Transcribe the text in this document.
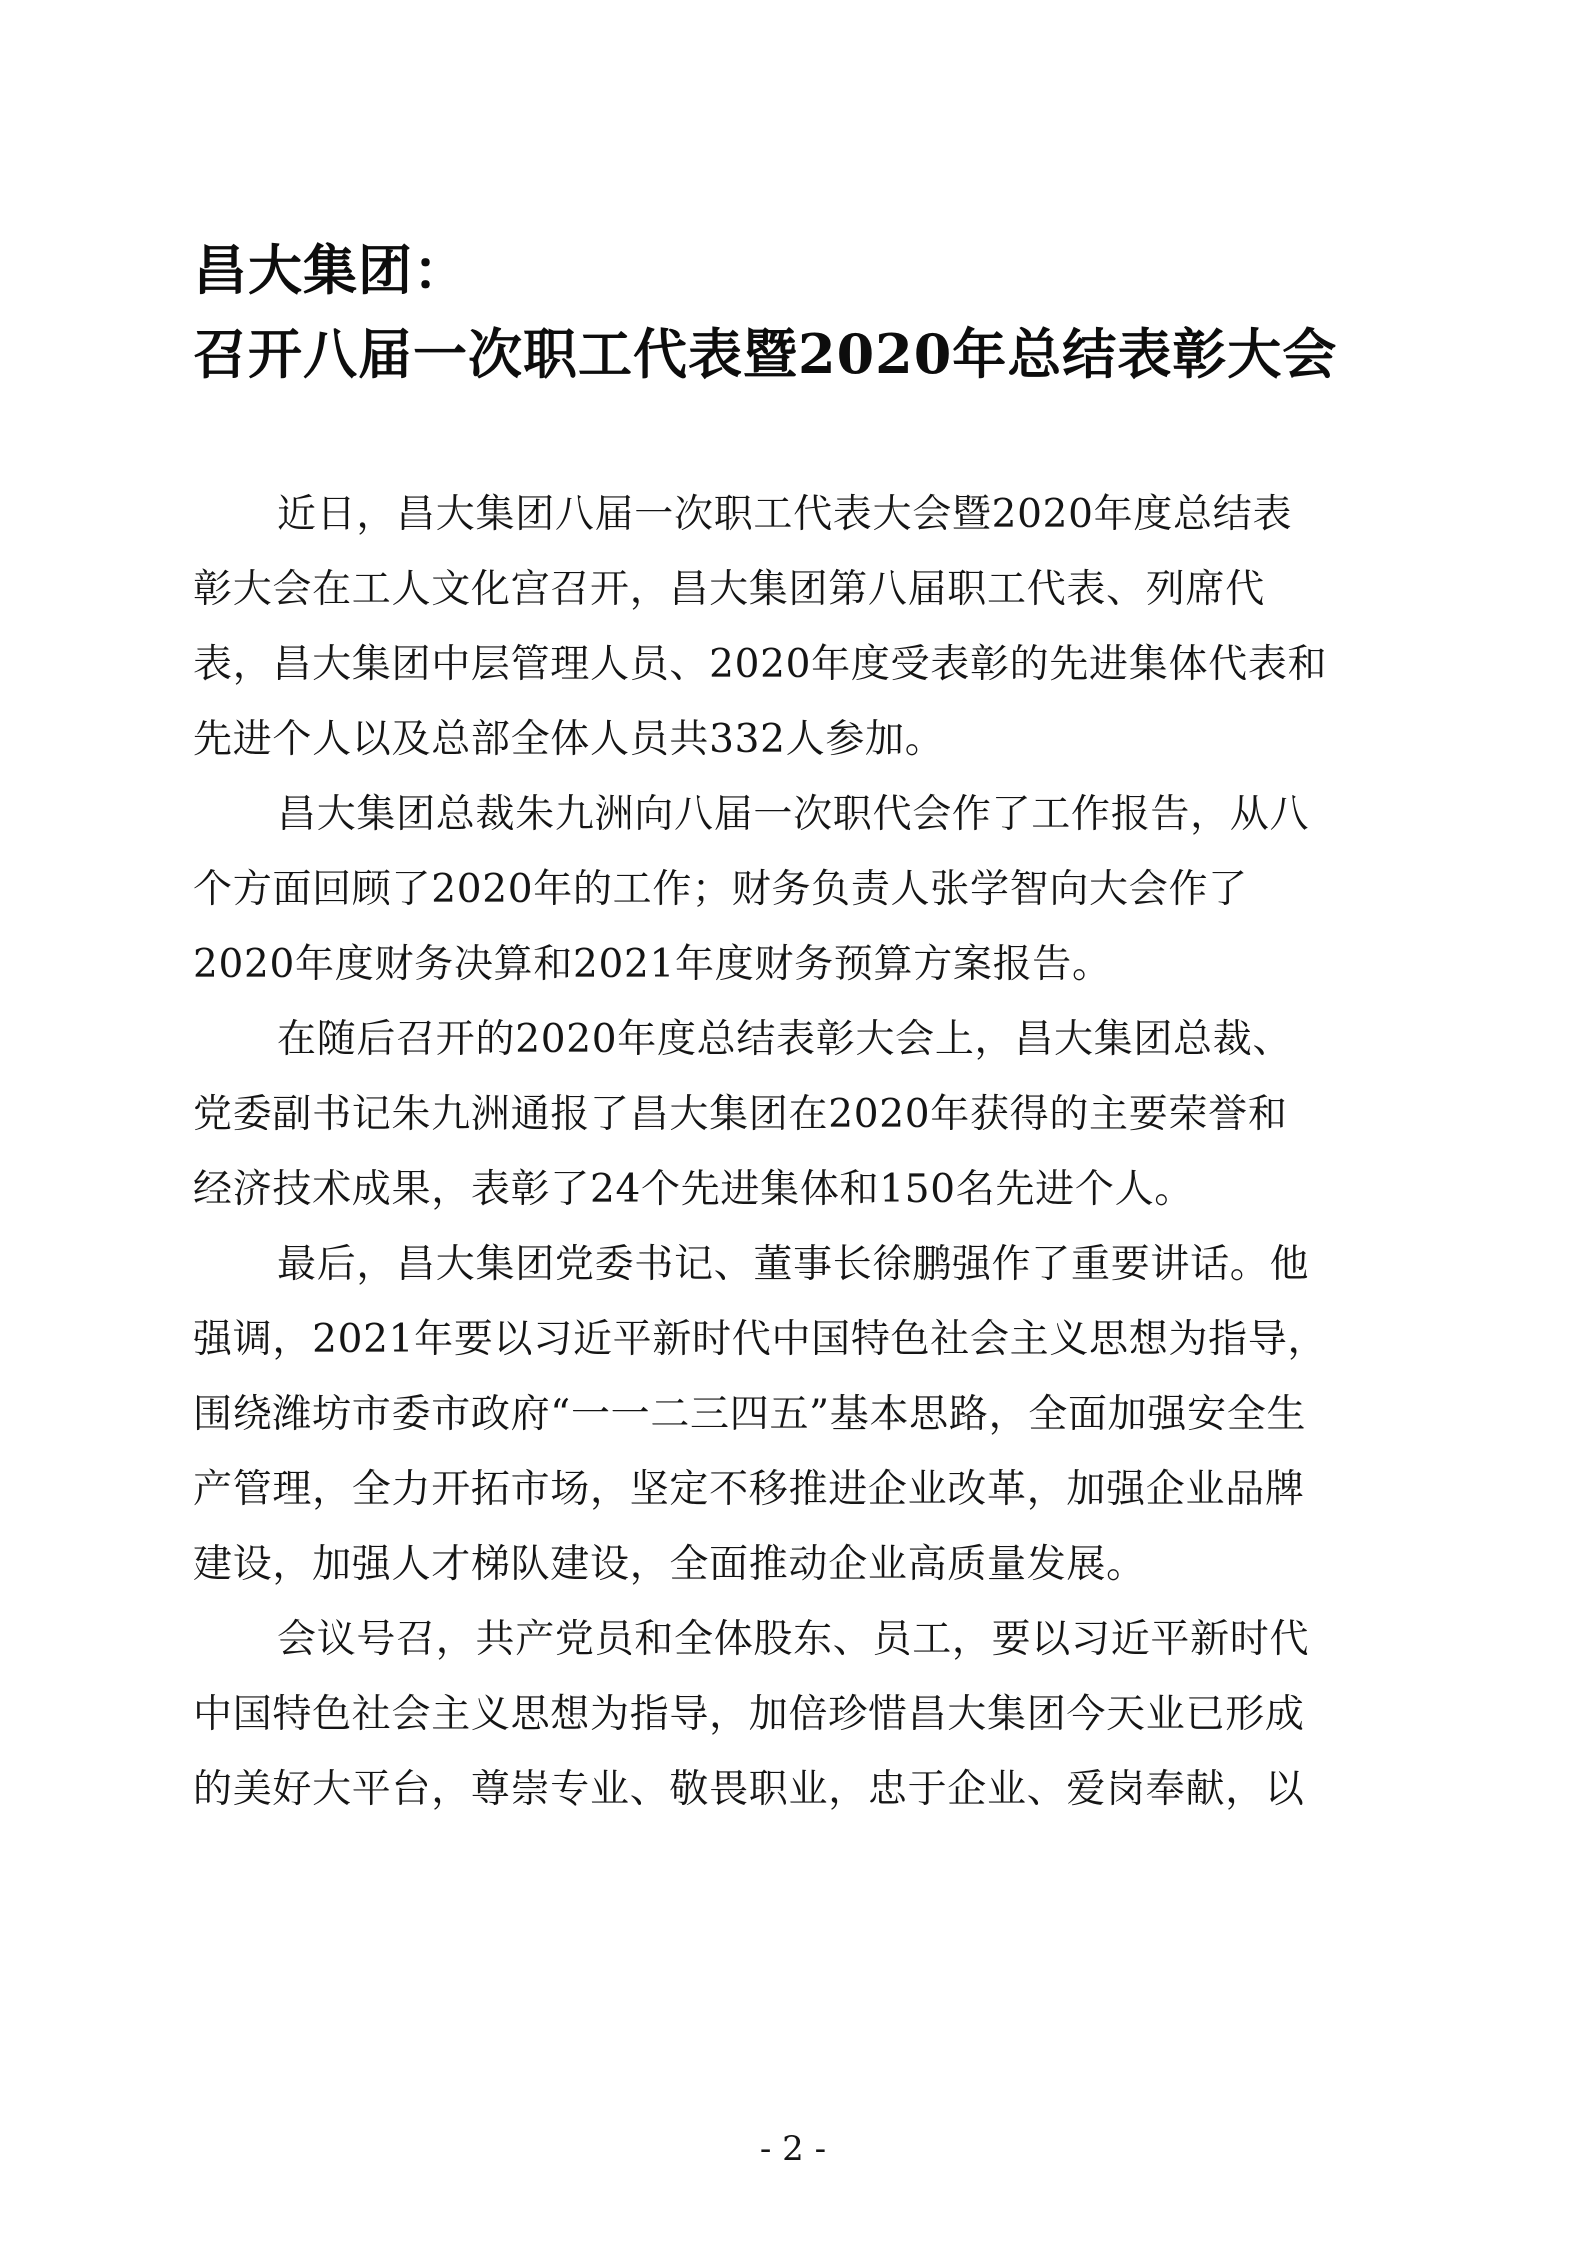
昌大集团：
召开八届一次职工代表暨2020年总结表彰大会
近日，昌大集团八届一次职工代表大会暨2020年度总结表
彰大会在工人文化宫召开，昌大集团第八届职工代表、列席代
表，昌大集团中层管理人员、2020年度受表彰的先进集体代表和
先进个人以及总部全体人员共332人参加。
昌大集团总裁朱九洲向八届一次职代会作了工作报告，从八
个方面回顾了2020年的工作；财务负责人张学智向大会作了
2020年度财务决算和2021年度财务预算方案报告。
在随后召开的2020年度总结表彰大会上，昌大集团总裁、
党委副书记朱九洲通报了昌大集团在2020年获得的主要荣誉和
经济技术成果，表彰了24个先进集体和150名先进个人。
最后，昌大集团党委书记、董事长徐鹏强作了重要讲话。他
强调，2021年要以习近平新时代中国特色社会主义思想为指导，
围绕潍坊市委市政府“一一二三四五”基本思路，全面加强安全生
产管理，全力开拓市场，坚定不移推进企业改革，加强企业品牌
建设，加强人才梯队建设，全面推动企业高质量发展。
会议号召，共产党员和全体股东、员工，要以习近平新时代
中国特色社会主义思想为指导，加倍珍惜昌大集团今天业已形成
的美好大平台，尊崇专业、敬畏职业，忠于企业、爱岗奉献，以
- 2 -
